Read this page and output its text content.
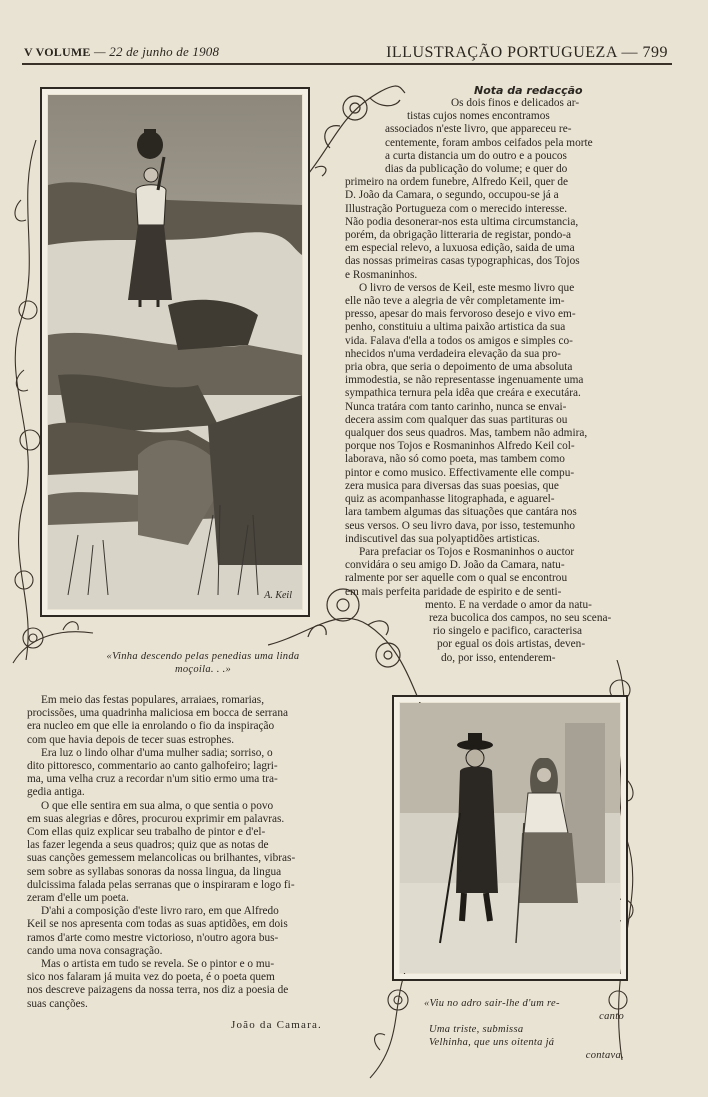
V VOLUME — 22 de junho de 1908	ILLUSTRAÇÃO PORTUGUEZA — 799
A. Keil
«Vinha descendo pelas penedias uma linda moçoila. . .»
«Viu no adro sair-lhe d'um re-
canto
Uma triste, submissa
Velhinha, que uns oitenta já
contava.
Nota da redacção

Os dois finos e delicados ar-
tistas cujos nomes encontramos
associados n'este livro, que appareceu re-
centemente, foram ambos ceifados pela morte
a curta distancia um do outro e a poucos
dias da publicação do volume; e quer do
primeiro na ordem funebre, Alfredo Keil, quer de
D. João da Camara, o segundo, occupou-se já a
Illustração Portugueza com o merecido interesse.
Não podia desonerar-nos esta ultima circumstancia,
porém, da obrigação litteraria de registar, pondo-a
em especial relevo, a luxuosa edição, saida de uma
das nossas primeiras casas typographicas, dos Tojos
e Rosmaninhos.

O livro de versos de Keil, este mesmo livro que
elle não teve a alegria de vêr completamente im-
presso, apesar do mais fervoroso desejo e vivo em-
penho, constituiu a ultima paixão artistica da sua
vida. Falava d'ella a todos os amigos e simples co-
nhecidos n'uma verdadeira elevação da sua pro-
pria obra, que seria o depoimento de uma absoluta
immodestia, se não representasse ingenuamente uma
sympathica ternura pela idêa que creára e executára.
Nunca tratára com tanto carinho, nunca se envai-
decera assim com qualquer das suas partituras ou
qualquer dos seus quadros. Mas, tambem não admira,
porque nos Tojos e Rosmaninhos Alfredo Keil col-
laborava, não só como poeta, mas tambem como
pintor e como musico. Effectivamente elle compu-
zera musica para diversas das suas poesias, que
quiz as acompanhasse litographada, e aguarel-
lara tambem algumas das situações que cantára nos
seus versos. O seu livro dava, por isso, testemunho
indiscutivel das sua polyaptidões artisticas.

Para prefaciar os Tojos e Rosmaninhos o auctor
convidára o seu amigo D. João da Camara, natu-
ralmente por ser aquelle com o qual se encontrou
em mais perfeita paridade de espirito e de senti-
mento. E na verdade o amor da natu-
reza bucolica dos campos, no seu scena-
rio singelo e pacifico, caracterisa
por egual os dois artistas, deven-
do, por isso, entenderem-

Em meio das festas populares, arraiaes, romarias,
procissões, uma quadrinha maliciosa em bocca de serrana
era nucleo em que elle ia enrolando o fio da inspiração
com que havia depois de tecer suas estrophes.

Era luz o lindo olhar d'uma mulher sadia; sorriso, o
dito pittoresco, commentario ao canto galhofeiro; lagri-
ma, uma velha cruz a recordar n'um sitio ermo uma tra-
gedia antiga.

O que elle sentira em sua alma, o que sentia o povo
em suas alegrias e dôres, procurou exprimir em palavras.
Com ellas quiz explicar seu trabalho de pintor e d'el-
las fazer legenda a seus quadros; quiz que as notas de
suas canções gemessem melancolicas ou brilhantes, vibras-
sem sobre as syllabas sonoras da nossa lingua, da lingua
dulcissima falada pelas serranas que o inspiraram e logo fi-
zeram d'elle um poeta.

D'ahi a composição d'este livro raro, em que Alfredo
Keil se nos apresenta com todas as suas aptidões, em dois
ramos d'arte como mestre victorioso, n'outro agora bus-
cando uma nova consagração.

Mas o artista em tudo se revela. Se o pintor e o mu-
sico nos falaram já muita vez do poeta, é o poeta quem
nos descreve paizagens da nossa terra, nos diz a poesia de
suas canções.

João da Camara.
